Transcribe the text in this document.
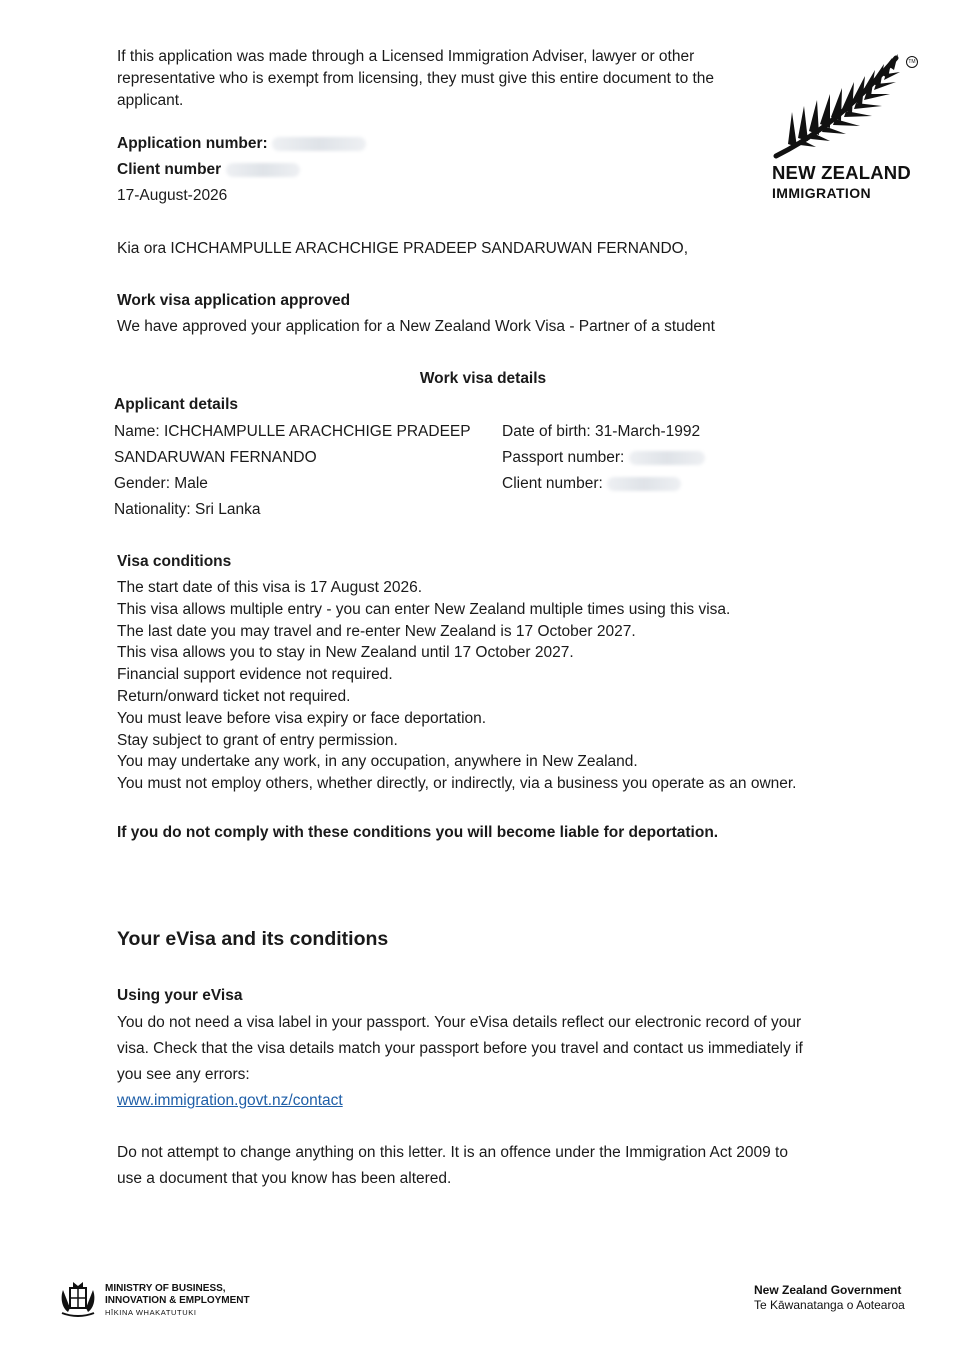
If this application was made through a Licensed Immigration Adviser, lawyer or other representative who is exempt from licensing, they must give this entire document to the applicant.
TM
NEW ZEALAND
IMMIGRATION
Application number:
Client number
17-August-2026
Kia ora ICHCHAMPULLE ARACHCHIGE PRADEEP SANDARUWAN FERNANDO,
Work visa application approved
We have approved your application for a New Zealand Work Visa - Partner of a student
Work visa details
Applicant details
Name: ICHCHAMPULLE ARACHCHIGE PRADEEP
SANDARUWAN FERNANDO
Gender: Male
Nationality: Sri Lanka
Date of birth: 31-March-1992
Passport number:
Client number:
Visa conditions

The start date of this visa is 17 August 2026.

This visa allows multiple entry - you can enter New Zealand multiple times using this visa.

The last date you may travel and re-enter New Zealand is 17 October 2027.

This visa allows you to stay in New Zealand until 17 October 2027.

Financial support evidence not required.

Return/onward ticket not required.

You must leave before visa expiry or face deportation.

Stay subject to grant of entry permission.

You may undertake any work, in any occupation, anywhere in New Zealand.

You must not employ others, whether directly, or indirectly, via a business you operate as an owner.

If you do not comply with these conditions you will become liable for deportation.
Your eVisa and its conditions
Using your eVisa
You do not need a visa label in your passport. Your eVisa details reflect our electronic record of your
visa. Check that the visa details match your passport before you travel and contact us immediately if
you see any errors:
www.immigration.govt.nz/contact
Do not attempt to change anything on this letter. It is an offence under the Immigration Act 2009 to
use a document that you know has been altered.
MINISTRY OF BUSINESS,
INNOVATION & EMPLOYMENT
HĪKINA WHAKATUTUKI
New Zealand Government
Te Kāwanatanga o Aotearoa
